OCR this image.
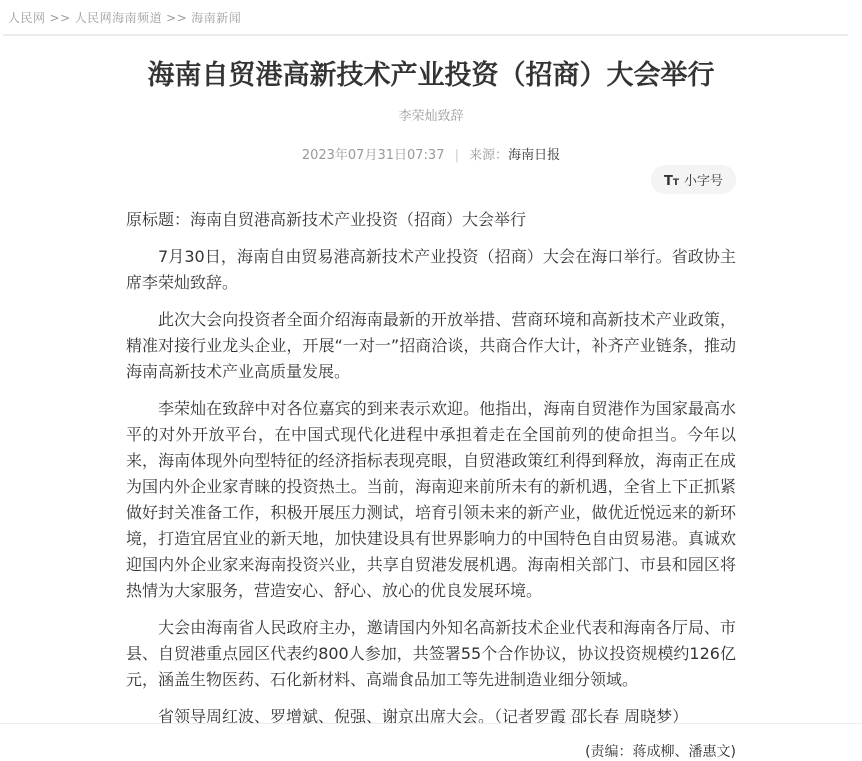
人民网 >> 人民网海南频道 >> 海南新闻
海南自贸港高新技术产业投资（招商）大会举行
李荣灿致辞
2023年07月31日07:37 | 来源：海南日报
T T 小字号

原标题：海南自贸港高新技术产业投资（招商）大会举行

7月30日，海南自由贸易港高新技术产业投资（招商）大会在海口举行。省政协主席李荣灿致辞。

此次大会向投资者全面介绍海南最新的开放举措、营商环境和高新技术产业政策，精准对接行业龙头企业，开展“一对一”招商洽谈，共商合作大计，补齐产业链条，推动海南高新技术产业高质量发展。

李荣灿在致辞中对各位嘉宾的到来表示欢迎。他指出，海南自贸港作为国家最高水平的对外开放平台，在中国式现代化进程中承担着走在全国前列的使命担当。今年以来，海南体现外向型特征的经济指标表现亮眼，自贸港政策红利得到释放，海南正在成为国内外企业家青睐的投资热土。当前，海南迎来前所未有的新机遇，全省上下正抓紧做好封关准备工作，积极开展压力测试，培育引领未来的新产业，做优近悦远来的新环境，打造宜居宜业的新天地，加快建设具有世界影响力的中国特色自由贸易港。真诚欢迎国内外企业家来海南投资兴业，共享自贸港发展机遇。海南相关部门、市县和园区将热情为大家服务，营造安心、舒心、放心的优良发展环境。

大会由海南省人民政府主办，邀请国内外知名高新技术企业代表和海南各厅局、市县、自贸港重点园区代表约800人参加，共签署55个合作协议，协议投资规模约126亿元，涵盖生物医药、石化新材料、高端食品加工等先进制造业细分领域。

省领导周红波、罗增斌、倪强、谢京出席大会。（记者罗霞 邵长春 周晓梦）

(责编：蒋成柳、潘惠文)
